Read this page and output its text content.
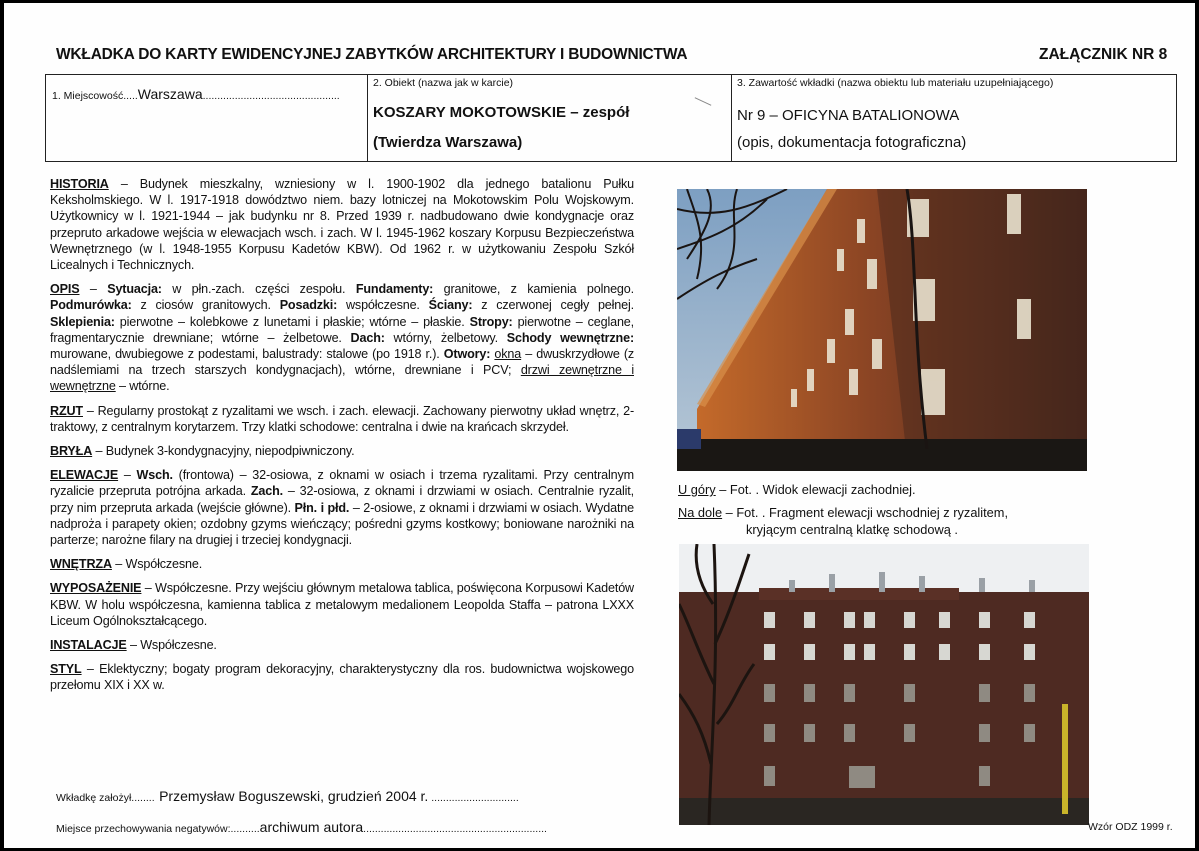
WKŁADKA DO KARTY EWIDENCYJNEJ ZABYTKÓW ARCHITEKTURY I BUDOWNICTWA	ZAŁĄCZNIK NR 8
1. Miejscowość.....Warszawa...............................................
2. Obiekt (nazwa jak w karcie)
KOSZARY MOKOTOWSKIE – zespół
(Twierdza Warszawa)
3. Zawartość wkładki (nazwa obiektu lub materiału uzupełniającego)
Nr 9 – OFICYNA BATALIONOWA
(opis, dokumentacja fotograficzna)

HISTORIA – Budynek mieszkalny, wzniesiony w l. 1900-1902 dla jednego batalionu Pułku Keksholmskiego. W l. 1917-1918 dowództwo niem. bazy lotniczej na Mokotowskim Polu Wojskowym. Użytkownicy w l. 1921-1944 – jak budynku nr 8. Przed 1939 r. nadbudowano dwie kondygnacje oraz przepruto arkadowe wejścia w elewacjach wsch. i zach. W l. 1945-1962 koszary Korpusu Bezpieczeństwa Wewnętrznego (w l. 1948-1955 Korpusu Kadetów KBW). Od 1962 r. w użytkowaniu Zespołu Szkół Licealnych i Technicznych.

OPIS – Sytuacja: w płn.-zach. części zespołu. Fundamenty: granitowe, z kamienia polnego. Podmurówka: z ciosów granitowych. Posadzki: współczesne. Ściany: z czerwonej cegły pełnej. Sklepienia: pierwotne – kolebkowe z lunetami i płaskie; wtórne – płaskie. Stropy: pierwotne – ceglane, fragmentarycznie drewniane; wtórne – żelbetowe. Dach: wtórny, żelbetowy. Schody wewnętrzne: murowane, dwubiegowe z podestami, balustrady: stalowe (po 1918 r.). Otwory: okna – dwuskrzydłowe (z nadślemiami na trzech starszych kondygnacjach), wtórne, drewniane i PCV; drzwi zewnętrzne i wewnętrzne – wtórne.

RZUT – Regularny prostokąt z ryzalitami we wsch. i zach. elewacji. Zachowany pierwotny układ wnętrz, 2-traktowy, z centralnym korytarzem. Trzy klatki schodowe: centralna i dwie na krańcach skrzydeł.

BRYŁA – Budynek 3-kondygnacyjny, niepodpiwniczony.

ELEWACJE – Wsch. (frontowa) – 32-osiowa, z oknami w osiach i trzema ryzalitami. Przy centralnym ryzalicie przepruta potrójna arkada. Zach. – 32-osiowa, z oknami i drzwiami w osiach. Centralnie ryzalit, przy nim przepruta arkada (wejście główne). Płn. i płd. – 2-osiowe, z oknami i drzwiami w osiach. Wydatne nadproża i parapety okien; ozdobny gzyms wieńczący; pośredni gzyms kostkowy; boniowane narożniki na parterze; narożne filary na drugiej i trzeciej kondygnacji.

WNĘTRZA – Współczesne.

WYPOSAŻENIE – Współczesne. Przy wejściu głównym metalowa tablica, poświęcona Korpusowi Kadetów KBW. W holu współczesna, kamienna tablica z metalowym medalionem Leopolda Staffa – patrona LXXX Liceum Ogólnokształcącego.

INSTALACJE – Współczesne.

STYL – Eklektyczny; bogaty program dekoracyjny, charakterystyczny dla ros. budownictwa wojskowego przełomu XIX i XX w.

U góry – Fot. . Widok elewacji zachodniej.
Na dole – Fot. . Fragment elewacji wschodniej z ryzalitem,
kryjącym centralną klatkę schodową .
Wkładkę założył........ Przemysław Boguszewski, grudzień 2004 r. ..............................
Miejsce przechowywania negatywów:..........archiwum autora...............................................................	Wzór ODZ 1999 r.
